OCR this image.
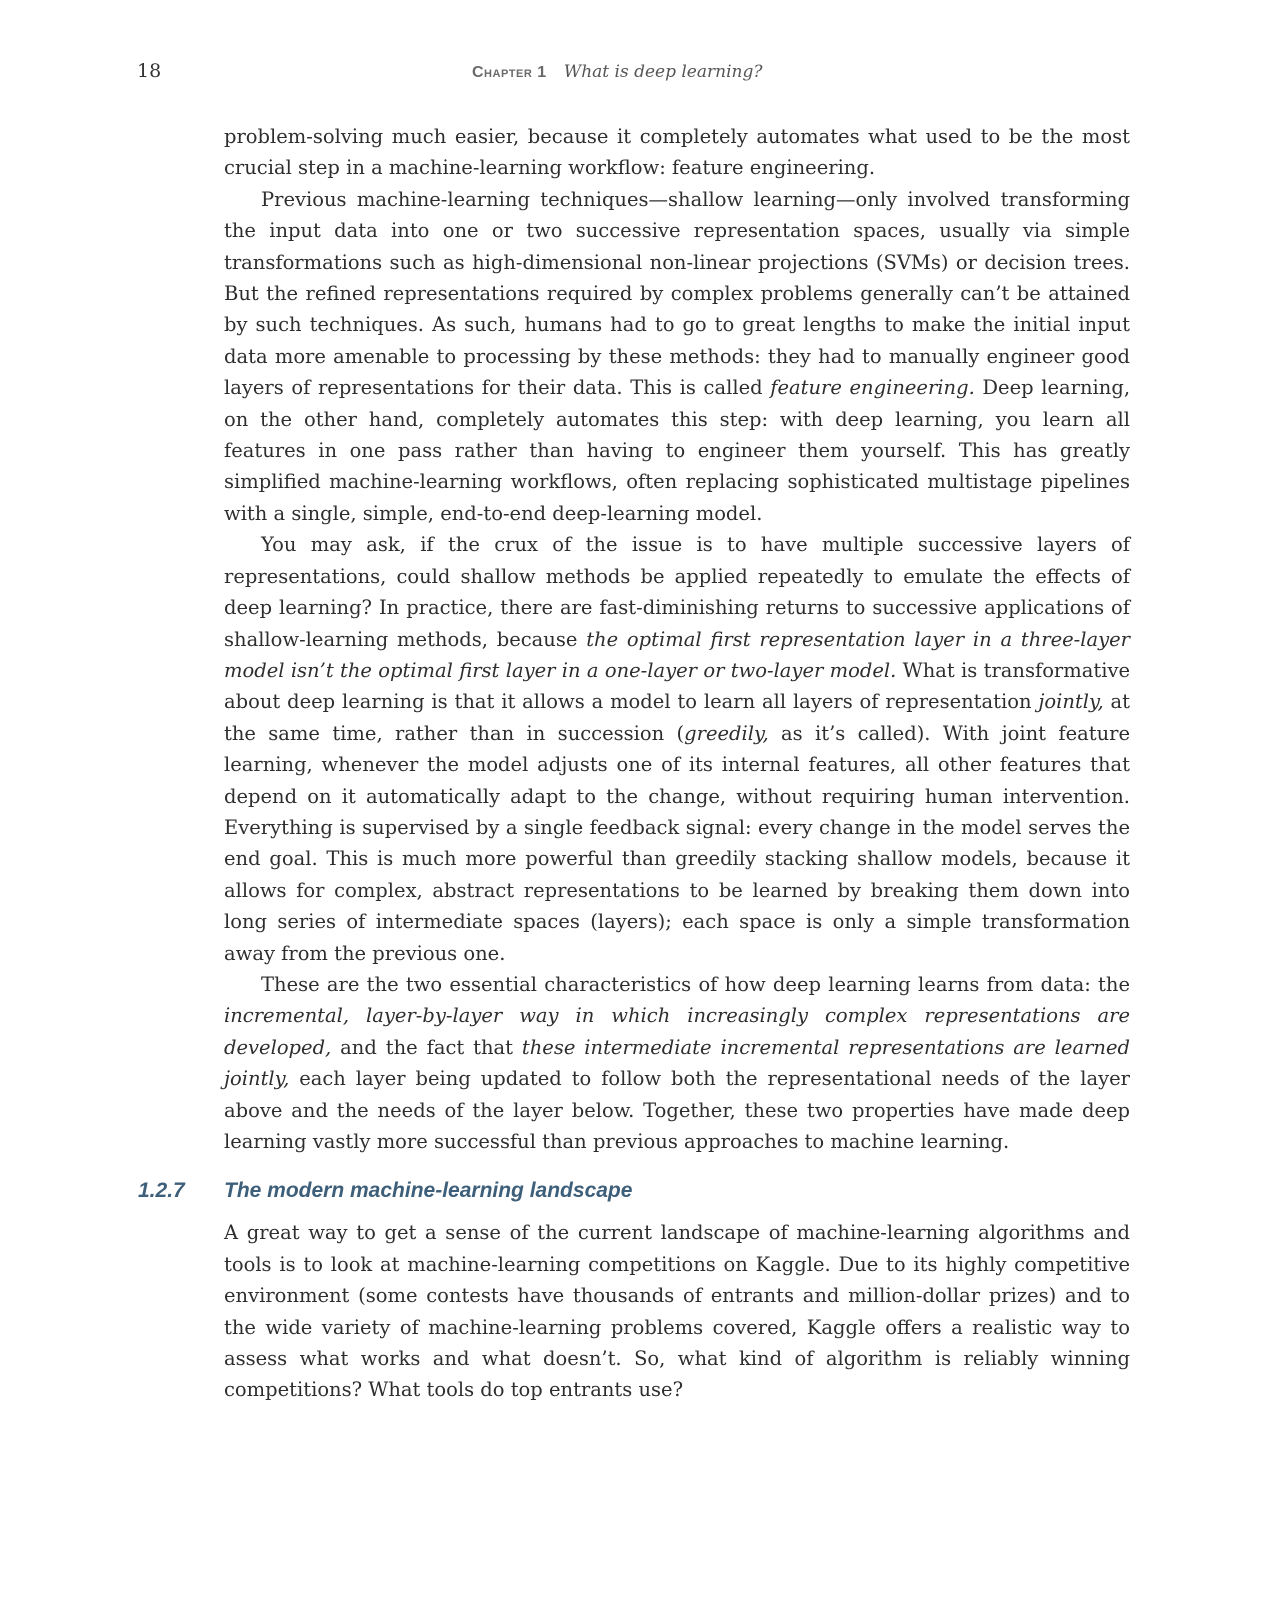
18	Chapter 1 What is deep learning?

problem-solving much easier, because it completely automates what used to be the most crucial step in a machine-learning workflow: feature engineering.

Previous machine-learning techniques—shallow learning—only involved transforming the input data into one or two successive representation spaces, usually via simple transformations such as high-dimensional non-linear projections (SVMs) or decision trees. But the refined representations required by complex problems generally can’t be attained by such techniques. As such, humans had to go to great lengths to make the initial input data more amenable to processing by these methods: they had to manually engineer good layers of representations for their data. This is called feature engineering. Deep learning, on the other hand, completely automates this step: with deep learning, you learn all features in one pass rather than having to engineer them yourself. This has greatly simplified machine-learning workflows, often replacing sophisticated multistage pipelines with a single, simple, end-to-end deep-learning model.

You may ask, if the crux of the issue is to have multiple successive layers of representations, could shallow methods be applied repeatedly to emulate the effects of deep learning? In practice, there are fast-diminishing returns to successive applications of shallow-learning methods, because the optimal first representation layer in a three-layer model isn’t the optimal first layer in a one-layer or two-layer model. What is transformative about deep learning is that it allows a model to learn all layers of representation jointly, at the same time, rather than in succession (greedily, as it’s called). With joint feature learning, whenever the model adjusts one of its internal features, all other features that depend on it automatically adapt to the change, without requiring human intervention. Everything is supervised by a single feedback signal: every change in the model serves the end goal. This is much more powerful than greedily stacking shallow models, because it allows for complex, abstract representations to be learned by breaking them down into long series of intermediate spaces (layers); each space is only a simple transformation away from the previous one.

These are the two essential characteristics of how deep learning learns from data: the incremental, layer-by-layer way in which increasingly complex representations are developed, and the fact that these intermediate incremental representations are learned jointly, each layer being updated to follow both the representational needs of the layer above and the needs of the layer below. Together, these two properties have made deep learning vastly more successful than previous approaches to machine learning.

1.2.7 The modern machine-learning landscape

A great way to get a sense of the current landscape of machine-learning algorithms and tools is to look at machine-learning competitions on Kaggle. Due to its highly competitive environment (some contests have thousands of entrants and million-dollar prizes) and to the wide variety of machine-learning problems covered, Kaggle offers a realistic way to assess what works and what doesn’t. So, what kind of algorithm is reliably winning competitions? What tools do top entrants use?
